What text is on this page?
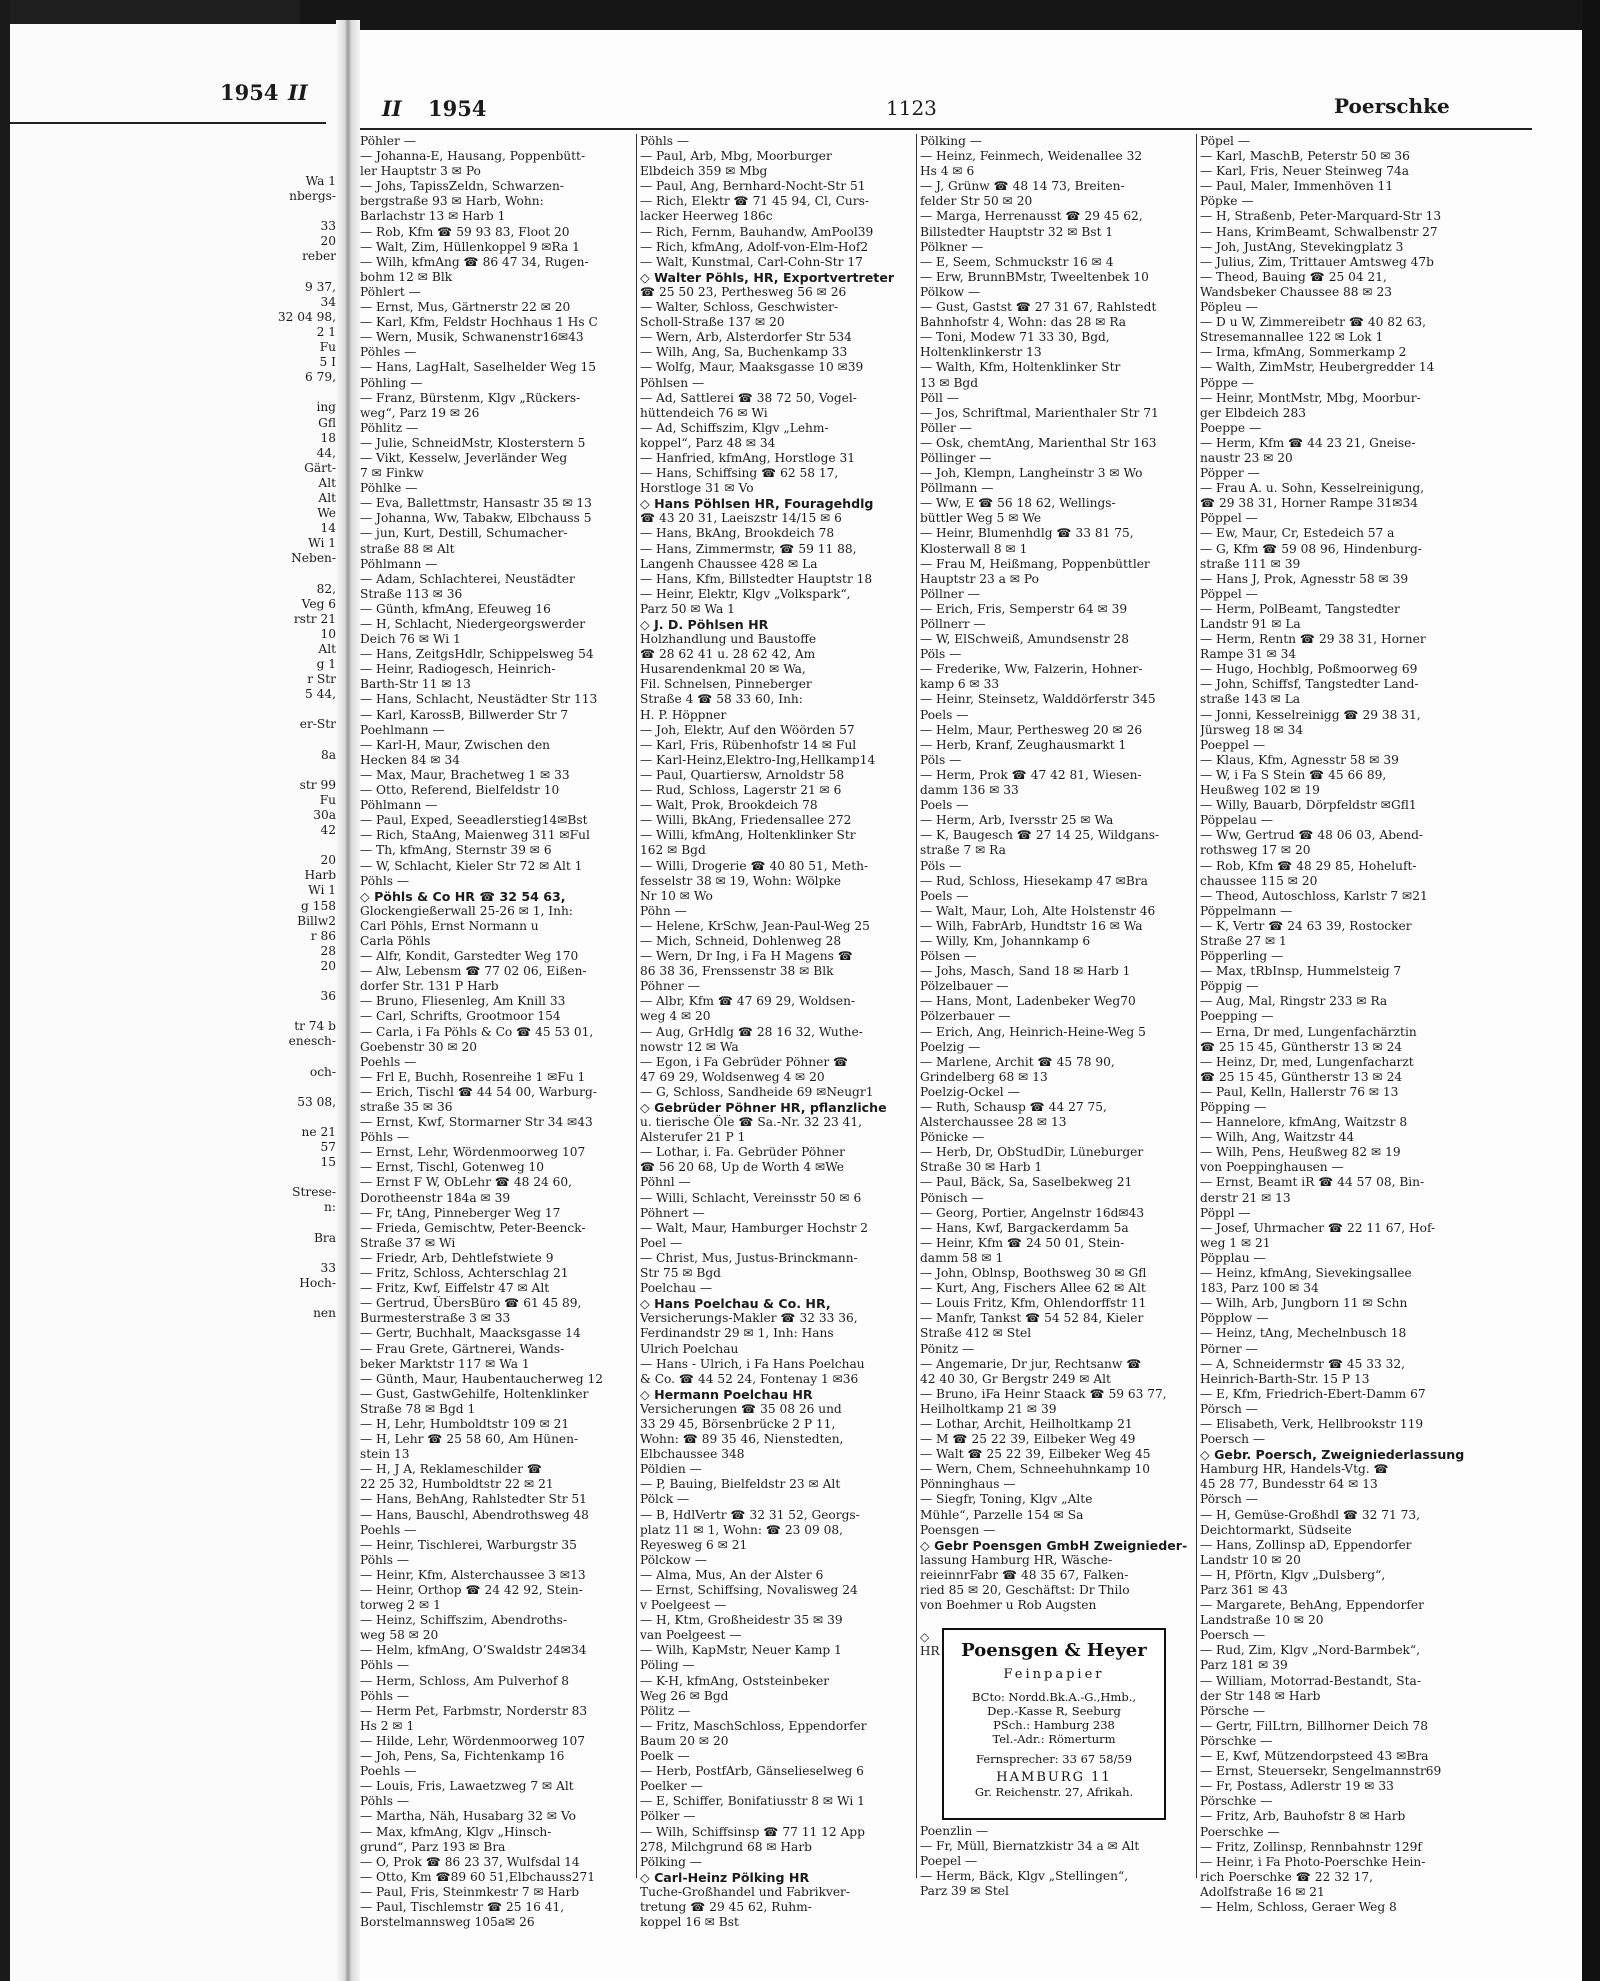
1954 II
Wa 1
nbergs-

33
20
reber

9 37,
34
32 04 98,
2 1
Fu
5 I
6 79,

ing
Gfl
18
44,
Gärt-
Alt
Alt
We
14
Wi 1
Neben-

82,
Veg 6
rstr 21
10
Alt
g 1
r Str
5 44,

er-Str

8a

str 99
Fu
30a
42

20
Harb
Wi 1
g 158
Billw2
r 86
28
20

36

tr 74 b
enesch-

och-

53 08,

ne 21
57
15

Strese-
n:

Bra

33
Hoch-

nen
II 1954	1123	Poerschke
Pöhler —
— Johanna-E, Hausang, Poppenbütt-
ler Hauptstr 3 ✉ Po
— Johs, TapissZeldn, Schwarzen-
bergstraße 93 ✉ Harb, Wohn:
Barlachstr 13 ✉ Harb 1
— Rob, Kfm ☎ 59 93 83, Floot 20
— Walt, Zim, Hüllenkoppel 9 ✉Ra 1
— Wilh, kfmAng ☎ 86 47 34, Rugen-
bohm 12 ✉ Blk
Pöhlert —
— Ernst, Mus, Gärtnerstr 22 ✉ 20
— Karl, Kfm, Feldstr Hochhaus 1 Hs C
— Wern, Musik, Schwanenstr16✉43
Pöhles —
— Hans, LagHalt, Saselhelder Weg 15
Pöhling —
— Franz, Bürstenm, Klgv „Rückers-
weg“, Parz 19 ✉ 26
Pöhlitz —
— Julie, SchneidMstr, Klosterstern 5
— Vikt, Kesselw, Jeverländer Weg
7 ✉ Finkw
Pöhlke —
— Eva, Ballettmstr, Hansastr 35 ✉ 13
— Johanna, Ww, Tabakw, Elbchauss 5
— jun, Kurt, Destill, Schumacher-
straße 88 ✉ Alt
Pöhlmann —
— Adam, Schlachterei, Neustädter
Straße 113 ✉ 36
— Günth, kfmAng, Efeuweg 16
— H, Schlacht, Niedergeorgswerder
Deich 76 ✉ Wi 1
— Hans, ZeitgsHdlr, Schippelsweg 54
— Heinr, Radiogesch, Heinrich-
Barth-Str 11 ✉ 13
— Hans, Schlacht, Neustädter Str 113
— Karl, KarossB, Billwerder Str 7
Poehlmann —
— Karl-H, Maur, Zwischen den
Hecken 84 ✉ 34
— Max, Maur, Brachetweg 1 ✉ 33
— Otto, Referend, Bielfeldstr 10
Pöhlmann —
— Paul, Exped, Seeadlerstieg14✉Bst
— Rich, StaAng, Maienweg 311 ✉Ful
— Th, kfmAng, Sternstr 39 ✉ 6
— W, Schlacht, Kieler Str 72 ✉ Alt 1
Pöhls —
◇ Pöhls & Co HR ☎ 32 54 63,
Glockengießerwall 25-26 ✉ 1, Inh:
Carl Pöhls, Ernst Normann u
Carla Pöhls
— Alfr, Kondit, Garstedter Weg 170
— Alw, Lebensm ☎ 77 02 06, Eißen-
dorfer Str. 131 P Harb
— Bruno, Fliesenleg, Am Knill 33
— Carl, Schrifts, Grootmoor 154
— Carla, i Fa Pöhls & Co ☎ 45 53 01,
Goebenstr 30 ✉ 20
Poehls —
— Frl E, Buchh, Rosenreihe 1 ✉Fu 1
— Erich, Tischl ☎ 44 54 00, Warburg-
straße 35 ✉ 36
— Ernst, Kwf, Stormarner Str 34 ✉43
Pöhls —
— Ernst, Lehr, Wördenmoorweg 107
— Ernst, Tischl, Gotenweg 10
— Ernst F W, ObLehr ☎ 48 24 60,
Dorotheenstr 184a ✉ 39
— Fr, tAng, Pinneberger Weg 17
— Frieda, Gemischtw, Peter-Beenck-
Straße 37 ✉ Wi
— Friedr, Arb, Dehtlefstwiete 9
— Fritz, Schloss, Achterschlag 21
— Fritz, Kwf, Eiffelstr 47 ✉ Alt
— Gertrud, ÜbersBüro ☎ 61 45 89,
Burmesterstraße 3 ✉ 33
— Gertr, Buchhalt, Maacksgasse 14
— Frau Grete, Gärtnerei, Wands-
beker Marktstr 117 ✉ Wa 1
— Günth, Maur, Haubentaucherweg 12
— Gust, GastwGehilfe, Holtenklinker
Straße 78 ✉ Bgd 1
— H, Lehr, Humboldtstr 109 ✉ 21
— H, Lehr ☎ 25 58 60, Am Hünen-
stein 13
— H, J A, Reklameschilder ☎
22 25 32, Humboldtstr 22 ✉ 21
— Hans, BehAng, Rahlstedter Str 51
— Hans, Bauschl, Abendrothsweg 48
Poehls —
— Heinr, Tischlerei, Warburgstr 35
Pöhls —
— Heinr, Kfm, Alsterchaussee 3 ✉13
— Heinr, Orthop ☎ 24 42 92, Stein-
torweg 2 ✉ 1
— Heinz, Schiffszim, Abendroths-
weg 58 ✉ 20
— Helm, kfmAng, O’Swaldstr 24✉34
Pöhls —
— Herm, Schloss, Am Pulverhof 8
Pöhls —
— Herm Pet, Farbmstr, Norderstr 83
Hs 2 ✉ 1
— Hilde, Lehr, Wördenmoorweg 107
— Joh, Pens, Sa, Fichtenkamp 16
Poehls —
— Louis, Fris, Lawaetzweg 7 ✉ Alt
Pöhls —
— Martha, Näh, Husabarg 32 ✉ Vo
— Max, kfmAng, Klgv „Hinsch-
grund“, Parz 193 ✉ Bra
— O, Prok ☎ 86 23 37, Wulfsdal 14
— Otto, Km ☎89 60 51,Elbchauss271
— Paul, Fris, Steinmkestr 7 ✉ Harb
— Paul, Tischlemstr ☎ 25 16 41,
Borstelmannsweg 105a✉ 26
Pöhls —
— Paul, Arb, Mbg, Moorburger
Elbdeich 359 ✉ Mbg
— Paul, Ang, Bernhard-Nocht-Str 51
— Rich, Elektr ☎ 71 45 94, Cl, Curs-
lacker Heerweg 186c
— Rich, Fernm, Bauhandw, AmPool39
— Rich, kfmAng, Adolf-von-Elm-Hof2
— Walt, Kunstmal, Carl-Cohn-Str 17
◇ Walter Pöhls, HR, Exportvertreter
☎ 25 50 23, Perthesweg 56 ✉ 26
— Walter, Schloss, Geschwister-
Scholl-Straße 137 ✉ 20
— Wern, Arb, Alsterdorfer Str 534
— Wilh, Ang, Sa, Buchenkamp 33
— Wolfg, Maur, Maaksgasse 10 ✉39
Pöhlsen —
— Ad, Sattlerei ☎ 38 72 50, Vogel-
hüttendeich 76 ✉ Wi
— Ad, Schiffszim, Klgv „Lehm-
koppel“, Parz 48 ✉ 34
— Hanfried, kfmAng, Horstloge 31
— Hans, Schiffsing ☎ 62 58 17,
Horstloge 31 ✉ Vo
◇ Hans Pöhlsen HR, Fouragehdlg
☎ 43 20 31, Laeiszstr 14/15 ✉ 6
— Hans, BkAng, Brookdeich 78
— Hans, Zimmermstr, ☎ 59 11 88,
Langenh Chaussee 428 ✉ La
— Hans, Kfm, Billstedter Hauptstr 18
— Heinr, Elektr, Klgv „Volkspark“,
Parz 50 ✉ Wa 1
◇ J. D. Pöhlsen HR
Holzhandlung und Baustoffe
☎ 28 62 41 u. 28 62 42, Am
Husarendenkmal 20 ✉ Wa,
Fil. Schnelsen, Pinneberger
Straße 4 ☎ 58 33 60, Inh:
H. P. Höppner
— Joh, Elektr, Auf den Wöörden 57
— Karl, Fris, Rübenhofstr 14 ✉ Ful
— Karl-Heinz,Elektro-Ing,Hellkamp14
— Paul, Quartiersw, Arnoldstr 58
— Rud, Schloss, Lagerstr 21 ✉ 6
— Walt, Prok, Brookdeich 78
— Willi, BkAng, Friedensallee 272
— Willi, kfmAng, Holtenklinker Str
162 ✉ Bgd
— Willi, Drogerie ☎ 40 80 51, Meth-
fesselstr 38 ✉ 19, Wohn: Wölpke
Nr 10 ✉ Wo
Pöhn —
— Helene, KrSchw, Jean-Paul-Weg 25
— Mich, Schneid, Dohlenweg 28
— Wern, Dr Ing, i Fa H Magens ☎
86 38 36, Frenssenstr 38 ✉ Blk
Pöhner —
— Albr, Kfm ☎ 47 69 29, Woldsen-
weg 4 ✉ 20
— Aug, GrHdlg ☎ 28 16 32, Wuthe-
nowstr 12 ✉ Wa
— Egon, i Fa Gebrüder Pöhner ☎
47 69 29, Woldsenweg 4 ✉ 20
— G, Schloss, Sandheide 69 ✉Neugr1
◇ Gebrüder Pöhner HR, pflanzliche
u. tierische Öle ☎ Sa.-Nr. 32 23 41,
Alsterufer 21 P 1
— Lothar, i. Fa. Gebrüder Pöhner
☎ 56 20 68, Up de Worth 4 ✉We
Pöhnl —
— Willi, Schlacht, Vereinsstr 50 ✉ 6
Pöhnert —
— Walt, Maur, Hamburger Hochstr 2
Poel —
— Christ, Mus, Justus-Brinckmann-
Str 75 ✉ Bgd
Poelchau —
◇ Hans Poelchau & Co. HR,
Versicherungs-Makler ☎ 32 33 36,
Ferdinandstr 29 ✉ 1, Inh: Hans
Ulrich Poelchau
— Hans - Ulrich, i Fa Hans Poelchau
& Co. ☎ 44 52 24, Fontenay 1 ✉36
◇ Hermann Poelchau HR
Versicherungen ☎ 35 08 26 und
33 29 45, Börsenbrücke 2 P 11,
Wohn: ☎ 89 35 46, Nienstedten,
Elbchaussee 348
Pöldien —
— P, Bauing, Bielfeldstr 23 ✉ Alt
Pölck —
— B, HdlVertr ☎ 32 31 52, Georgs-
platz 11 ✉ 1, Wohn: ☎ 23 09 08,
Reyesweg 6 ✉ 21
Pölckow —
— Alma, Mus, An der Alster 6
— Ernst, Schiffsing, Novalisweg 24
v Poelgeest —
— H, Ktm, Großheidestr 35 ✉ 39
van Poelgeest —
— Wilh, KapMstr, Neuer Kamp 1
Pöling —
— K-H, kfmAng, Oststeinbeker
Weg 26 ✉ Bgd
Pölitz —
— Fritz, MaschSchloss, Eppendorfer
Baum 20 ✉ 20
Poelk —
— Herb, PostfArb, Gänselieselweg 6
Poelker —
— E, Schiffer, Bonifatiusstr 8 ✉ Wi 1
Pölker —
— Wilh, Schiffsinsp ☎ 77 11 12 App
278, Milchgrund 68 ✉ Harb
Pölking —
◇ Carl-Heinz Pölking HR
Tuche-Großhandel und Fabrikver-
tretung ☎ 29 45 62, Ruhm-
koppel 16 ✉ Bst
Pölking —
— Heinz, Feinmech, Weidenallee 32
Hs 4 ✉ 6
— J, Grünw ☎ 48 14 73, Breiten-
felder Str 50 ✉ 20
— Marga, Herrenausst ☎ 29 45 62,
Billstedter Hauptstr 32 ✉ Bst 1
Pölkner —
— E, Seem, Schmuckstr 16 ✉ 4
— Erw, BrunnBMstr, Tweeltenbek 10
Pölkow —
— Gust, Gastst ☎ 27 31 67, Rahlstedt
Bahnhofstr 4, Wohn: das 28 ✉ Ra
— Toni, Modew 71 33 30, Bgd,
Holtenklinkerstr 13
— Walth, Kfm, Holtenklinker Str
13 ✉ Bgd
Pöll —
— Jos, Schriftmal, Marienthaler Str 71
Pöller —
— Osk, chemtAng, Marienthal Str 163
Pöllinger —
— Joh, Klempn, Langheinstr 3 ✉ Wo
Pöllmann —
— Ww, E ☎ 56 18 62, Wellings-
büttler Weg 5 ✉ We
— Heinr, Blumenhdlg ☎ 33 81 75,
Klosterwall 8 ✉ 1
— Frau M, Heißmang, Poppenbüttler
Hauptstr 23 a ✉ Po
Pöllner —
— Erich, Fris, Semperstr 64 ✉ 39
Pöllnerr —
— W, ElSchweiß, Amundsenstr 28
Pöls —
— Frederike, Ww, Falzerin, Hohner-
kamp 6 ✉ 33
— Heinr, Steinsetz, Walddörferstr 345
Poels —
— Helm, Maur, Perthesweg 20 ✉ 26
— Herb, Kranf, Zeughausmarkt 1
Pöls —
— Herm, Prok ☎ 47 42 81, Wiesen-
damm 136 ✉ 33
Poels —
— Herm, Arb, Iversstr 25 ✉ Wa
— K, Baugesch ☎ 27 14 25, Wildgans-
straße 7 ✉ Ra
Pöls —
— Rud, Schloss, Hiesekamp 47 ✉Bra
Poels —
— Walt, Maur, Loh, Alte Holstenstr 46
— Wilh, FabrArb, Hundtstr 16 ✉ Wa
— Willy, Km, Johannkamp 6
Pölsen —
— Johs, Masch, Sand 18 ✉ Harb 1
Pölzelbauer —
— Hans, Mont, Ladenbeker Weg70
Pölzerbauer —
— Erich, Ang, Heinrich-Heine-Weg 5
Poelzig —
— Marlene, Archit ☎ 45 78 90,
Grindelberg 68 ✉ 13
Poelzig-Ockel —
— Ruth, Schausp ☎ 44 27 75,
Alsterchaussee 28 ✉ 13
Pönicke —
— Herb, Dr, ObStudDir, Lüneburger
Straße 30 ✉ Harb 1
— Paul, Bäck, Sa, Saselbekweg 21
Pönisch —
— Georg, Portier, Angelnstr 16d✉43
— Hans, Kwf, Bargackerdamm 5a
— Heinr, Kfm ☎ 24 50 01, Stein-
damm 58 ✉ 1
— John, Oblnsp, Boothsweg 30 ✉ Gfl
— Kurt, Ang, Fischers Allee 62 ✉ Alt
— Louis Fritz, Kfm, Ohlendorffstr 11
— Manfr, Tankst ☎ 54 52 84, Kieler
Straße 412 ✉ Stel
Pönitz —
— Angemarie, Dr jur, Rechtsanw ☎
42 40 30, Gr Bergstr 249 ✉ Alt
— Bruno, iFa Heinr Staack ☎ 59 63 77,
Heilholtkamp 21 ✉ 39
— Lothar, Archit, Heilholtkamp 21
— M ☎ 25 22 39, Eilbeker Weg 49
— Walt ☎ 25 22 39, Eilbeker Weg 45
— Wern, Chem, Schneehuhnkamp 10
Pönninghaus —
— Siegfr, Toning, Klgv „Alte
Mühle“, Parzelle 154 ✉ Sa
Poensgen —
◇ Gebr Poensgen GmbH Zweignieder-
lassung Hamburg HR, Wäsche-
reieinnrFabr ☎ 48 35 67, Falken-
ried 85 ✉ 20, Geschäftst: Dr Thilo
von Boehmer u Rob Augsten
Pöpel —
— Karl, MaschB, Peterstr 50 ✉ 36
— Karl, Fris, Neuer Steinweg 74a
— Paul, Maler, Immenhöven 11
Pöpke —
— H, Straßenb, Peter-Marquard-Str 13
— Hans, KrimBeamt, Schwalbenstr 27
— Joh, JustAng, Stevekingplatz 3
— Julius, Zim, Trittauer Amtsweg 47b
— Theod, Bauing ☎ 25 04 21,
Wandsbeker Chaussee 88 ✉ 23
Pöpleu —
— D u W, Zimmereibetr ☎ 40 82 63,
Stresemannallee 122 ✉ Lok 1
— Irma, kfmAng, Sommerkamp 2
— Walth, ZimMstr, Heubergredder 14
Pöppe —
— Heinr, MontMstr, Mbg, Moorbur-
ger Elbdeich 283
Poeppe —
— Herm, Kfm ☎ 44 23 21, Gneise-
naustr 23 ✉ 20
Pöpper —
— Frau A. u. Sohn, Kesselreinigung,
☎ 29 38 31, Horner Rampe 31✉34
Pöppel —
— Ew, Maur, Cr, Estedeich 57 a
— G, Kfm ☎ 59 08 96, Hindenburg-
straße 111 ✉ 39
— Hans J, Prok, Agnesstr 58 ✉ 39
Pöppel —
— Herm, PolBeamt, Tangstedter
Landstr 91 ✉ La
— Herm, Rentn ☎ 29 38 31, Horner
Rampe 31 ✉ 34
— Hugo, Hochblg, Poßmoorweg 69
— John, Schiffsf, Tangstedter Land-
straße 143 ✉ La
— Jonni, Kesselreinigg ☎ 29 38 31,
Jürsweg 18 ✉ 34
Poeppel —
— Klaus, Kfm, Agnesstr 58 ✉ 39
— W, i Fa S Stein ☎ 45 66 89,
Heußweg 102 ✉ 19
— Willy, Bauarb, Dörpfeldstr ✉Gfl1
Pöppelau —
— Ww, Gertrud ☎ 48 06 03, Abend-
rothsweg 17 ✉ 20
— Rob, Kfm ☎ 48 29 85, Hoheluft-
chaussee 115 ✉ 20
— Theod, Autoschloss, Karlstr 7 ✉21
Pöppelmann —
— K, Vertr ☎ 24 63 39, Rostocker
Straße 27 ✉ 1
Pöpperling —
— Max, tRbInsp, Hummelsteig 7
Pöppig —
— Aug, Mal, Ringstr 233 ✉ Ra
Poepping —
— Erna, Dr med, Lungenfachärztin
☎ 25 15 45, Güntherstr 13 ✉ 24
— Heinz, Dr, med, Lungenfacharzt
☎ 25 15 45, Güntherstr 13 ✉ 24
— Paul, Kelln, Hallerstr 76 ✉ 13
Pöpping —
— Hannelore, kfmAng, Waitzstr 8
— Wilh, Ang, Waitzstr 44
— Wilh, Pens, Heußweg 82 ✉ 19
von Poeppinghausen —
— Ernst, Beamt iR ☎ 44 57 08, Bin-
derstr 21 ✉ 13
Pöppl —
— Josef, Uhrmacher ☎ 22 11 67, Hof-
weg 1 ✉ 21
Pöpplau —
— Heinz, kfmAng, Sievekingsallee
183, Parz 100 ✉ 34
— Wilh, Arb, Jungborn 11 ✉ Schn
Pöpplow —
— Heinz, tAng, Mechelnbusch 18
Pörner —
— A, Schneidermstr ☎ 45 33 32,
Heinrich-Barth-Str. 15 P 13
— E, Kfm, Friedrich-Ebert-Damm 67
Pörsch —
— Elisabeth, Verk, Hellbrookstr 119
Poersch —
◇ Gebr. Poersch, Zweigniederlassung
Hamburg HR, Handels-Vtg. ☎
45 28 77, Bundesstr 64 ✉ 13
Pörsch —
— H, Gemüse-Großhdl ☎ 32 71 73,
Deichtormarkt, Südseite
— Hans, Zollinsp aD, Eppendorfer
Landstr 10 ✉ 20
— H, Pförtn, Klgv „Dulsberg“,
Parz 361 ✉ 43
— Margarete, BehAng, Eppendorfer
Landstraße 10 ✉ 20
Poersch —
— Rud, Zim, Klgv „Nord-Barmbek“,
Parz 181 ✉ 39
— William, Motorrad-Bestandt, Sta-
der Str 148 ✉ Harb
Pörsche —
— Gertr, FilLtrn, Billhorner Deich 78
Pörschke —
— E, Kwf, Mützendorpsteed 43 ✉Bra
— Ernst, Steuersekr, Sengelmannstr69
— Fr, Postass, Adlerstr 19 ✉ 33
Pörschke —
— Fritz, Arb, Bauhofstr 8 ✉ Harb
Poerschke —
— Fritz, Zollinsp, Rennbahnstr 129f
— Heinr, i Fa Photo-Poerschke Hein-
rich Poerschke ☎ 22 32 17,
Adolfstraße 16 ✉ 21
— Helm, Schloss, Geraer Weg 8
◇ HR	Poensgen & Heyer
Feinpapier
BCto: Nordd.Bk.A.-G.,Hmb.,
Dep.-Kasse R, Seeburg
PSch.: Hamburg 238
Tel.-Adr.: Römerturm
Fernsprecher: 33 67 58/59
HAMBURG 11
Gr. Reichenstr. 27, Afrikah.
Poenzlin —
— Fr, Müll, Biernatzkistr 34 a ✉ Alt
Poepel —
— Herm, Bäck, Klgv „Stellingen“,
Parz 39 ✉ Stel
